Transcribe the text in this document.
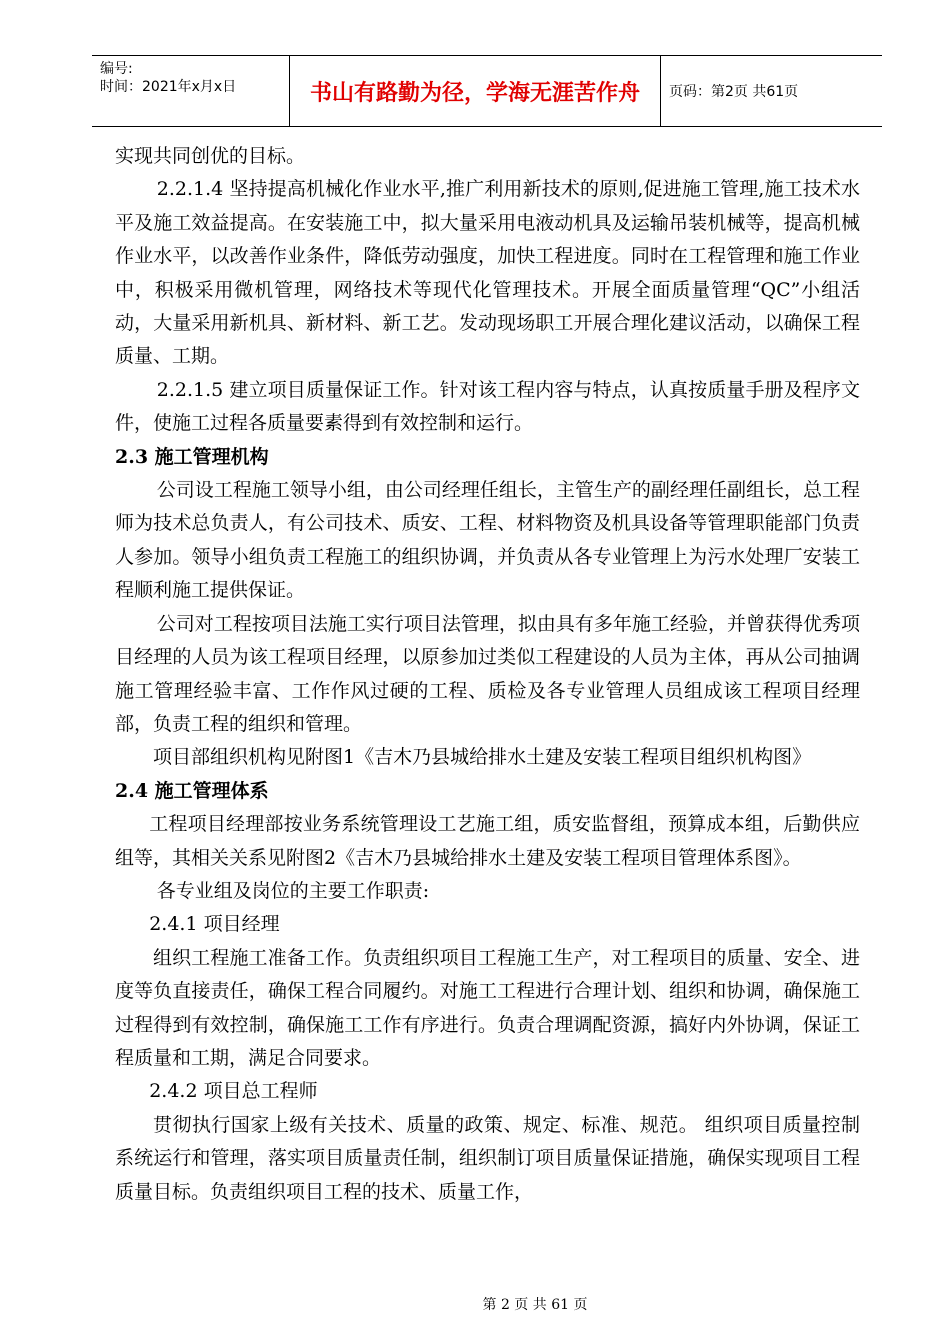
编号:
时间：2021年x月x日	书山有路勤为径，学海无涯苦作舟	页码：第2页 共61页

实现共同创优的目标。

2.2.1.4 坚持提高机械化作业水平,推广利用新技术的原则,促进施工管理,施工技术水平及施工效益提高。在安装施工中，拟大量采用电液动机具及运输吊装机械等，提高机械作业水平，以改善作业条件，降低劳动强度，加快工程进度。同时在工程管理和施工作业中，积极采用微机管理，网络技术等现代化管理技术。开展全面质量管理“QC”小组活动，大量采用新机具、新材料、新工艺。发动现场职工开展合理化建议活动，以确保工程质量、工期。

2.2.1.5 建立项目质量保证工作。针对该工程内容与特点，认真按质量手册及程序文件，使施工过程各质量要素得到有效控制和运行。

2.3 施工管理机构

公司设工程施工领导小组，由公司经理任组长，主管生产的副经理任副组长，总工程师为技术总负责人，有公司技术、质安、工程、材料物资及机具设备等管理职能部门负责人参加。领导小组负责工程施工的组织协调，并负责从各专业管理上为污水处理厂安装工程顺利施工提供保证。

公司对工程按项目法施工实行项目法管理，拟由具有多年施工经验，并曾获得优秀项目经理的人员为该工程项目经理，以原参加过类似工程建设的人员为主体，再从公司抽调施工管理经验丰富、工作作风过硬的工程、质检及各专业管理人员组成该工程项目经理部，负责工程的组织和管理。

项目部组织机构见附图1《吉木乃县城给排水土建及安装工程项目组织机构图》

2.4 施工管理体系

工程项目经理部按业务系统管理设工艺施工组，质安监督组，预算成本组，后勤供应组等，其相关关系见附图2《吉木乃县城给排水土建及安装工程项目管理体系图》。

各专业组及岗位的主要工作职责:

2.4.1 项目经理

组织工程施工准备工作。负责组织项目工程施工生产，对工程项目的质量、安全、进度等负直接责任，确保工程合同履约。对施工工程进行合理计划、组织和协调，确保施工过程得到有效控制，确保施工工作有序进行。负责合理调配资源，搞好内外协调，保证工程质量和工期，满足合同要求。

2.4.2 项目总工程师

贯彻执行国家上级有关技术、质量的政策、规定、标准、规范。 组织项目质量控制系统运行和管理，落实项目质量责任制，组织制订项目质量保证措施，确保实现项目工程质量目标。负责组织项目工程的技术、质量工作，

第 2 页 共 61 页
